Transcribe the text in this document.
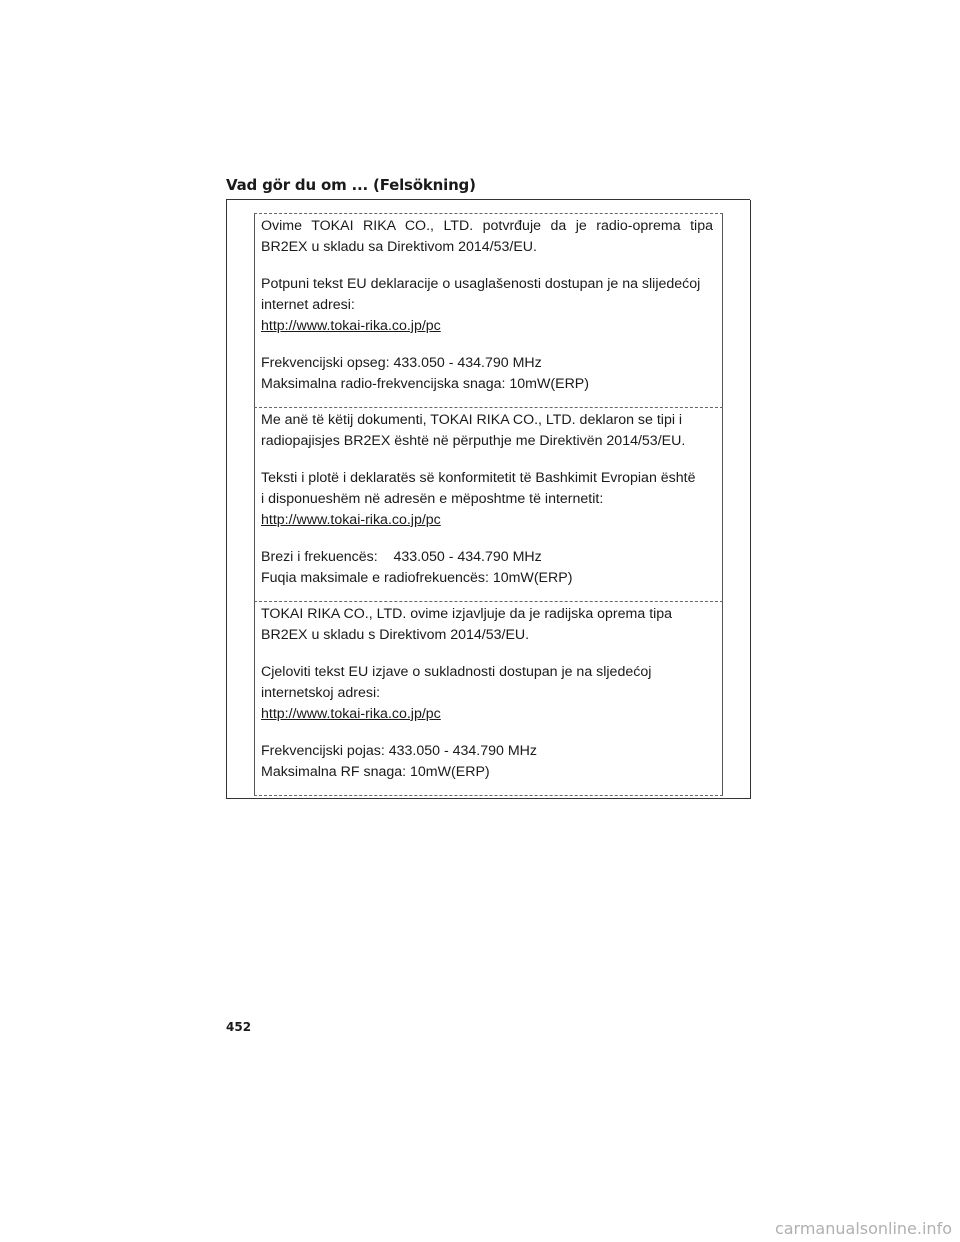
Vad gör du om ... (Felsökning)

Ovime TOKAI RIKA CO., LTD. potvrđuje da je radio-oprema tipa BR2EX u skladu sa Direktivom 2014/53/EU.

Potpuni tekst EU deklaracije o usaglašenosti dostupan je na slijedećoj
internet adresi:
http://www.tokai-rika.co.jp/pc

Frekvencijski opseg: 433.050 - 434.790 MHz
Maksimalna radio-frekvencijska snaga: 10mW(ERP)

Me anë të këtij dokumenti, TOKAI RIKA CO., LTD. deklaron se tipi i
radiopajisjes BR2EX është në përputhje me Direktivën 2014/53/EU.

Teksti i plotë i deklaratës së konformitetit të Bashkimit Evropian është
i disponueshëm në adresën e mëposhtme të internetit:
http://www.tokai-rika.co.jp/pc

Brezi i frekuencës:    433.050 - 434.790 MHz
Fuqia maksimale e radiofrekuencës: 10mW(ERP)

TOKAI RIKA CO., LTD. ovime izjavljuje da je radijska oprema tipa
BR2EX u skladu s Direktivom 2014/53/EU.

Cjeloviti tekst EU izjave o sukladnosti dostupan je na sljedećoj
internetskoj adresi:
http://www.tokai-rika.co.jp/pc

Frekvencijski pojas: 433.050 - 434.790 MHz
Maksimalna RF snaga: 10mW(ERP)

452
carmanualsonline.info
